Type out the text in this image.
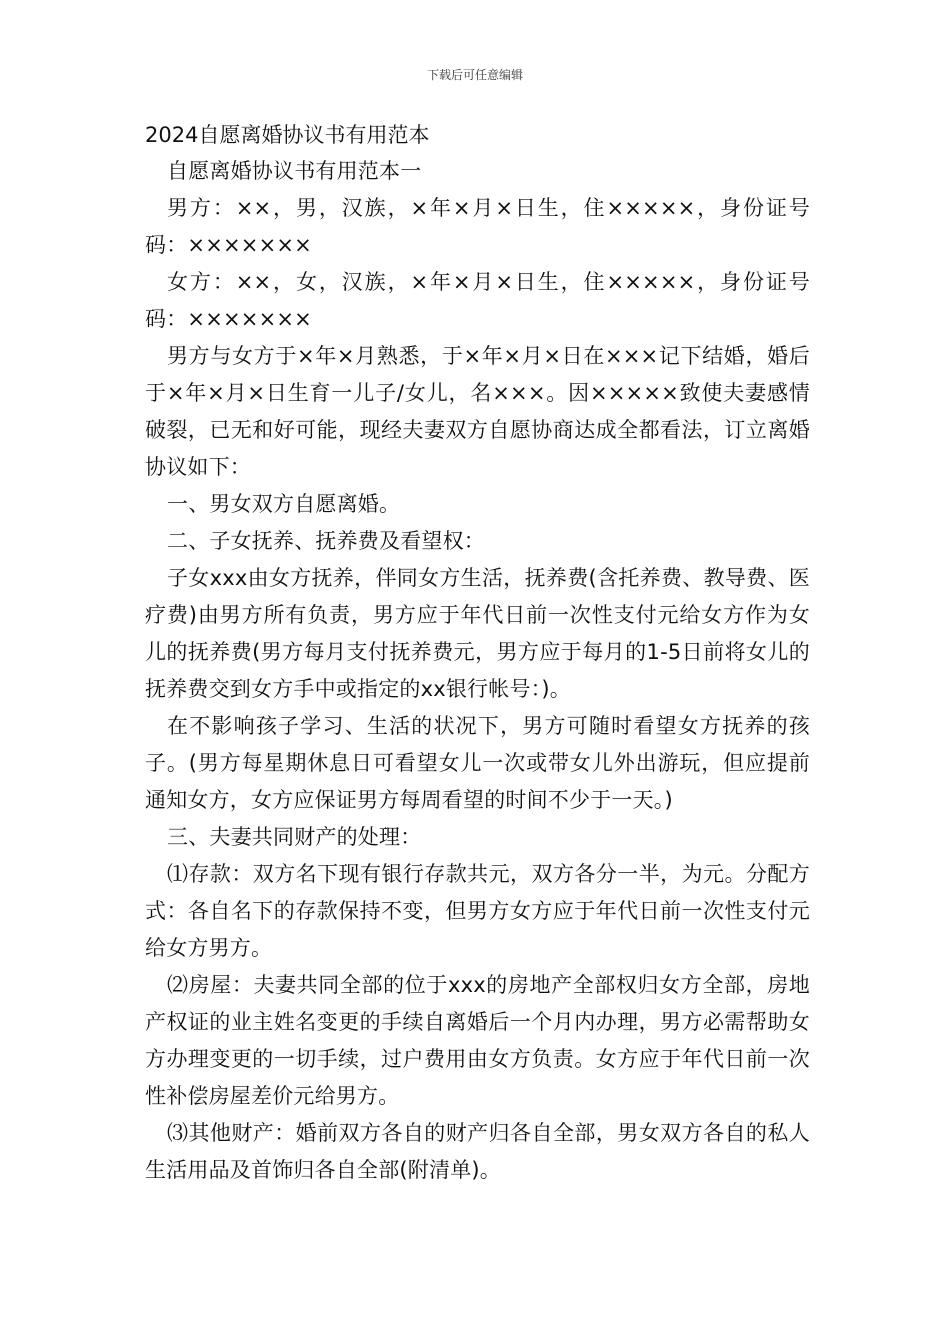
下载后可任意编辑

2024自愿离婚协议书有用范本

自愿离婚协议书有用范本一

男方：××，男，汉族，×年×月×日生，住×××××，身份证号码：×××××××

女方：××，女，汉族，×年×月×日生，住×××××，身份证号码：×××××××

男方与女方于×年×月熟悉，于×年×月×日在×××记下结婚，婚后于×年×月×日生育一儿子/女儿，名×××。因×××××致使夫妻感情破裂，已无和好可能，现经夫妻双方自愿协商达成全都看法，订立离婚协议如下：

一、男女双方自愿离婚。

二、子女抚养、抚养费及看望权：

子女xxx由女方抚养，伴同女方生活，抚养费(含托养费、教导费、医疗费)由男方所有负责，男方应于年代日前一次性支付元给女方作为女儿的抚养费(男方每月支付抚养费元，男方应于每月的1-5日前将女儿的抚养费交到女方手中或指定的xx银行帐号：)。

在不影响孩子学习、生活的状况下，男方可随时看望女方抚养的孩子。(男方每星期休息日可看望女儿一次或带女儿外出游玩，但应提前通知女方，女方应保证男方每周看望的时间不少于一天。)

三、夫妻共同财产的处理：

⑴存款：双方名下现有银行存款共元，双方各分一半，为元。分配方式：各自名下的存款保持不变，但男方女方应于年代日前一次性支付元给女方男方。

⑵房屋：夫妻共同全部的位于xxx的房地产全部权归女方全部，房地产权证的业主姓名变更的手续自离婚后一个月内办理，男方必需帮助女方办理变更的一切手续，过户费用由女方负责。女方应于年代日前一次性补偿房屋差价元给男方。

⑶其他财产：婚前双方各自的财产归各自全部，男女双方各自的私人生活用品及首饰归各自全部(附清单)。
